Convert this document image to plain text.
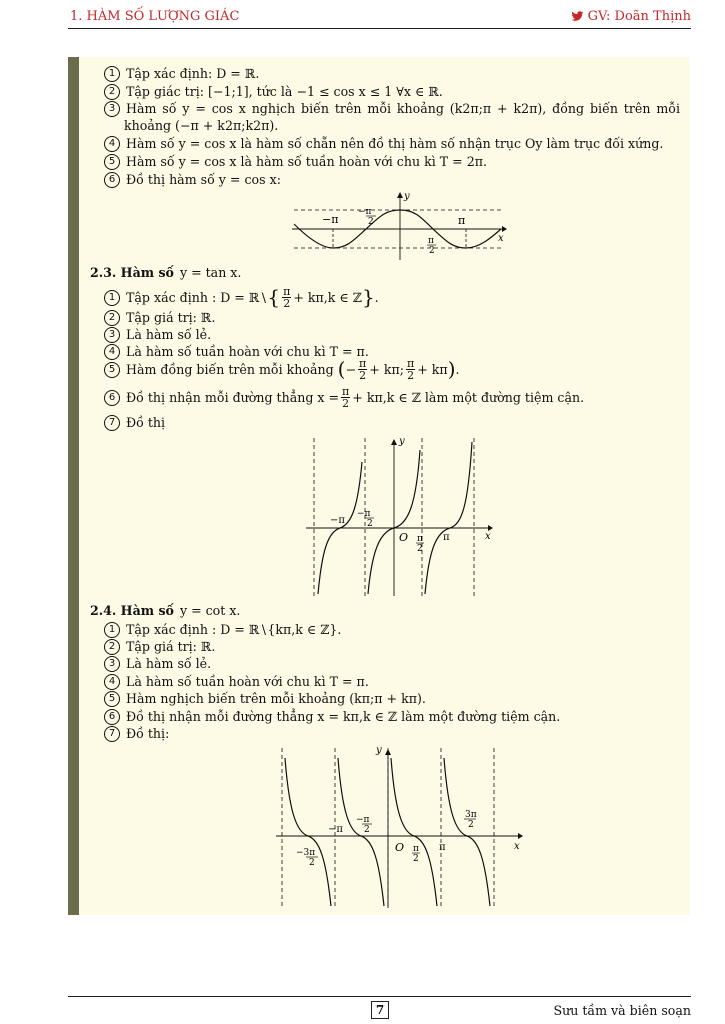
1. HÀM SỐ LƯỢNG GIÁC	GV: Doãn Thịnh
1 Tập xác định: D = ℝ.
2 Tập giác trị: [−1;1], tức là −1 ≤ cos x ≤ 1 ∀x ∈ ℝ.
3 Hàm số y = cos x nghịch biến trên mỗi khoảng (k2π;π + k2π), đồng biến trên mỗi
khoảng (−π + k2π;k2π).
4 Hàm số y = cos x là hàm số chẵn nên đồ thị hàm số nhận trục Oy làm trục đối xứng.
5 Hàm số y = cos x là hàm số tuần hoàn với chu kì T = 2π.
6 Đồ thị hàm số y = cos x:
−π
−π
2	π
π
2
x
y
2.3. Hàm số y = tan x.
1 Tập xác định : D = ℝ∖ { $\frac{\pi}{2} + k\pi,k$ ∈ ℤ } .
2 Tập giá trị: ℝ.
3 Là hàm số lẻ.
4 Là hàm số tuần hoàn với chu kì T = π.
5 Hàm đồng biến trên mỗi khoảng ( − $\frac{\pi}{2} + k\pi$; $\frac{\pi}{2} + k\pi$ ) .
6 Đồ thị nhận mỗi đường thẳng $x = \frac{\pi}{2} + k\pi,k$ ∈ ℤ làm một đường tiệm cận.
7 Đồ thị
−π
−π
2
O π
2
π	x
y
2.4. Hàm số y = cot x.
1 Tập xác định : D = ℝ∖{kπ,k ∈ ℤ}.
2 Tập giá trị: ℝ.
3 Là hàm số lẻ.
4 Là hàm số tuần hoàn với chu kì T = π.
5 Hàm nghịch biến trên mỗi khoảng (kπ;π + kπ).
6 Đồ thị nhận mỗi đường thẳng x = kπ,k ∈ ℤ làm một đường tiệm cận.
7 Đồ thị:
−π
−π
2
−3π
2
3π
2
O π
2
π	x
y
7	Sưu tầm và biên soạn
